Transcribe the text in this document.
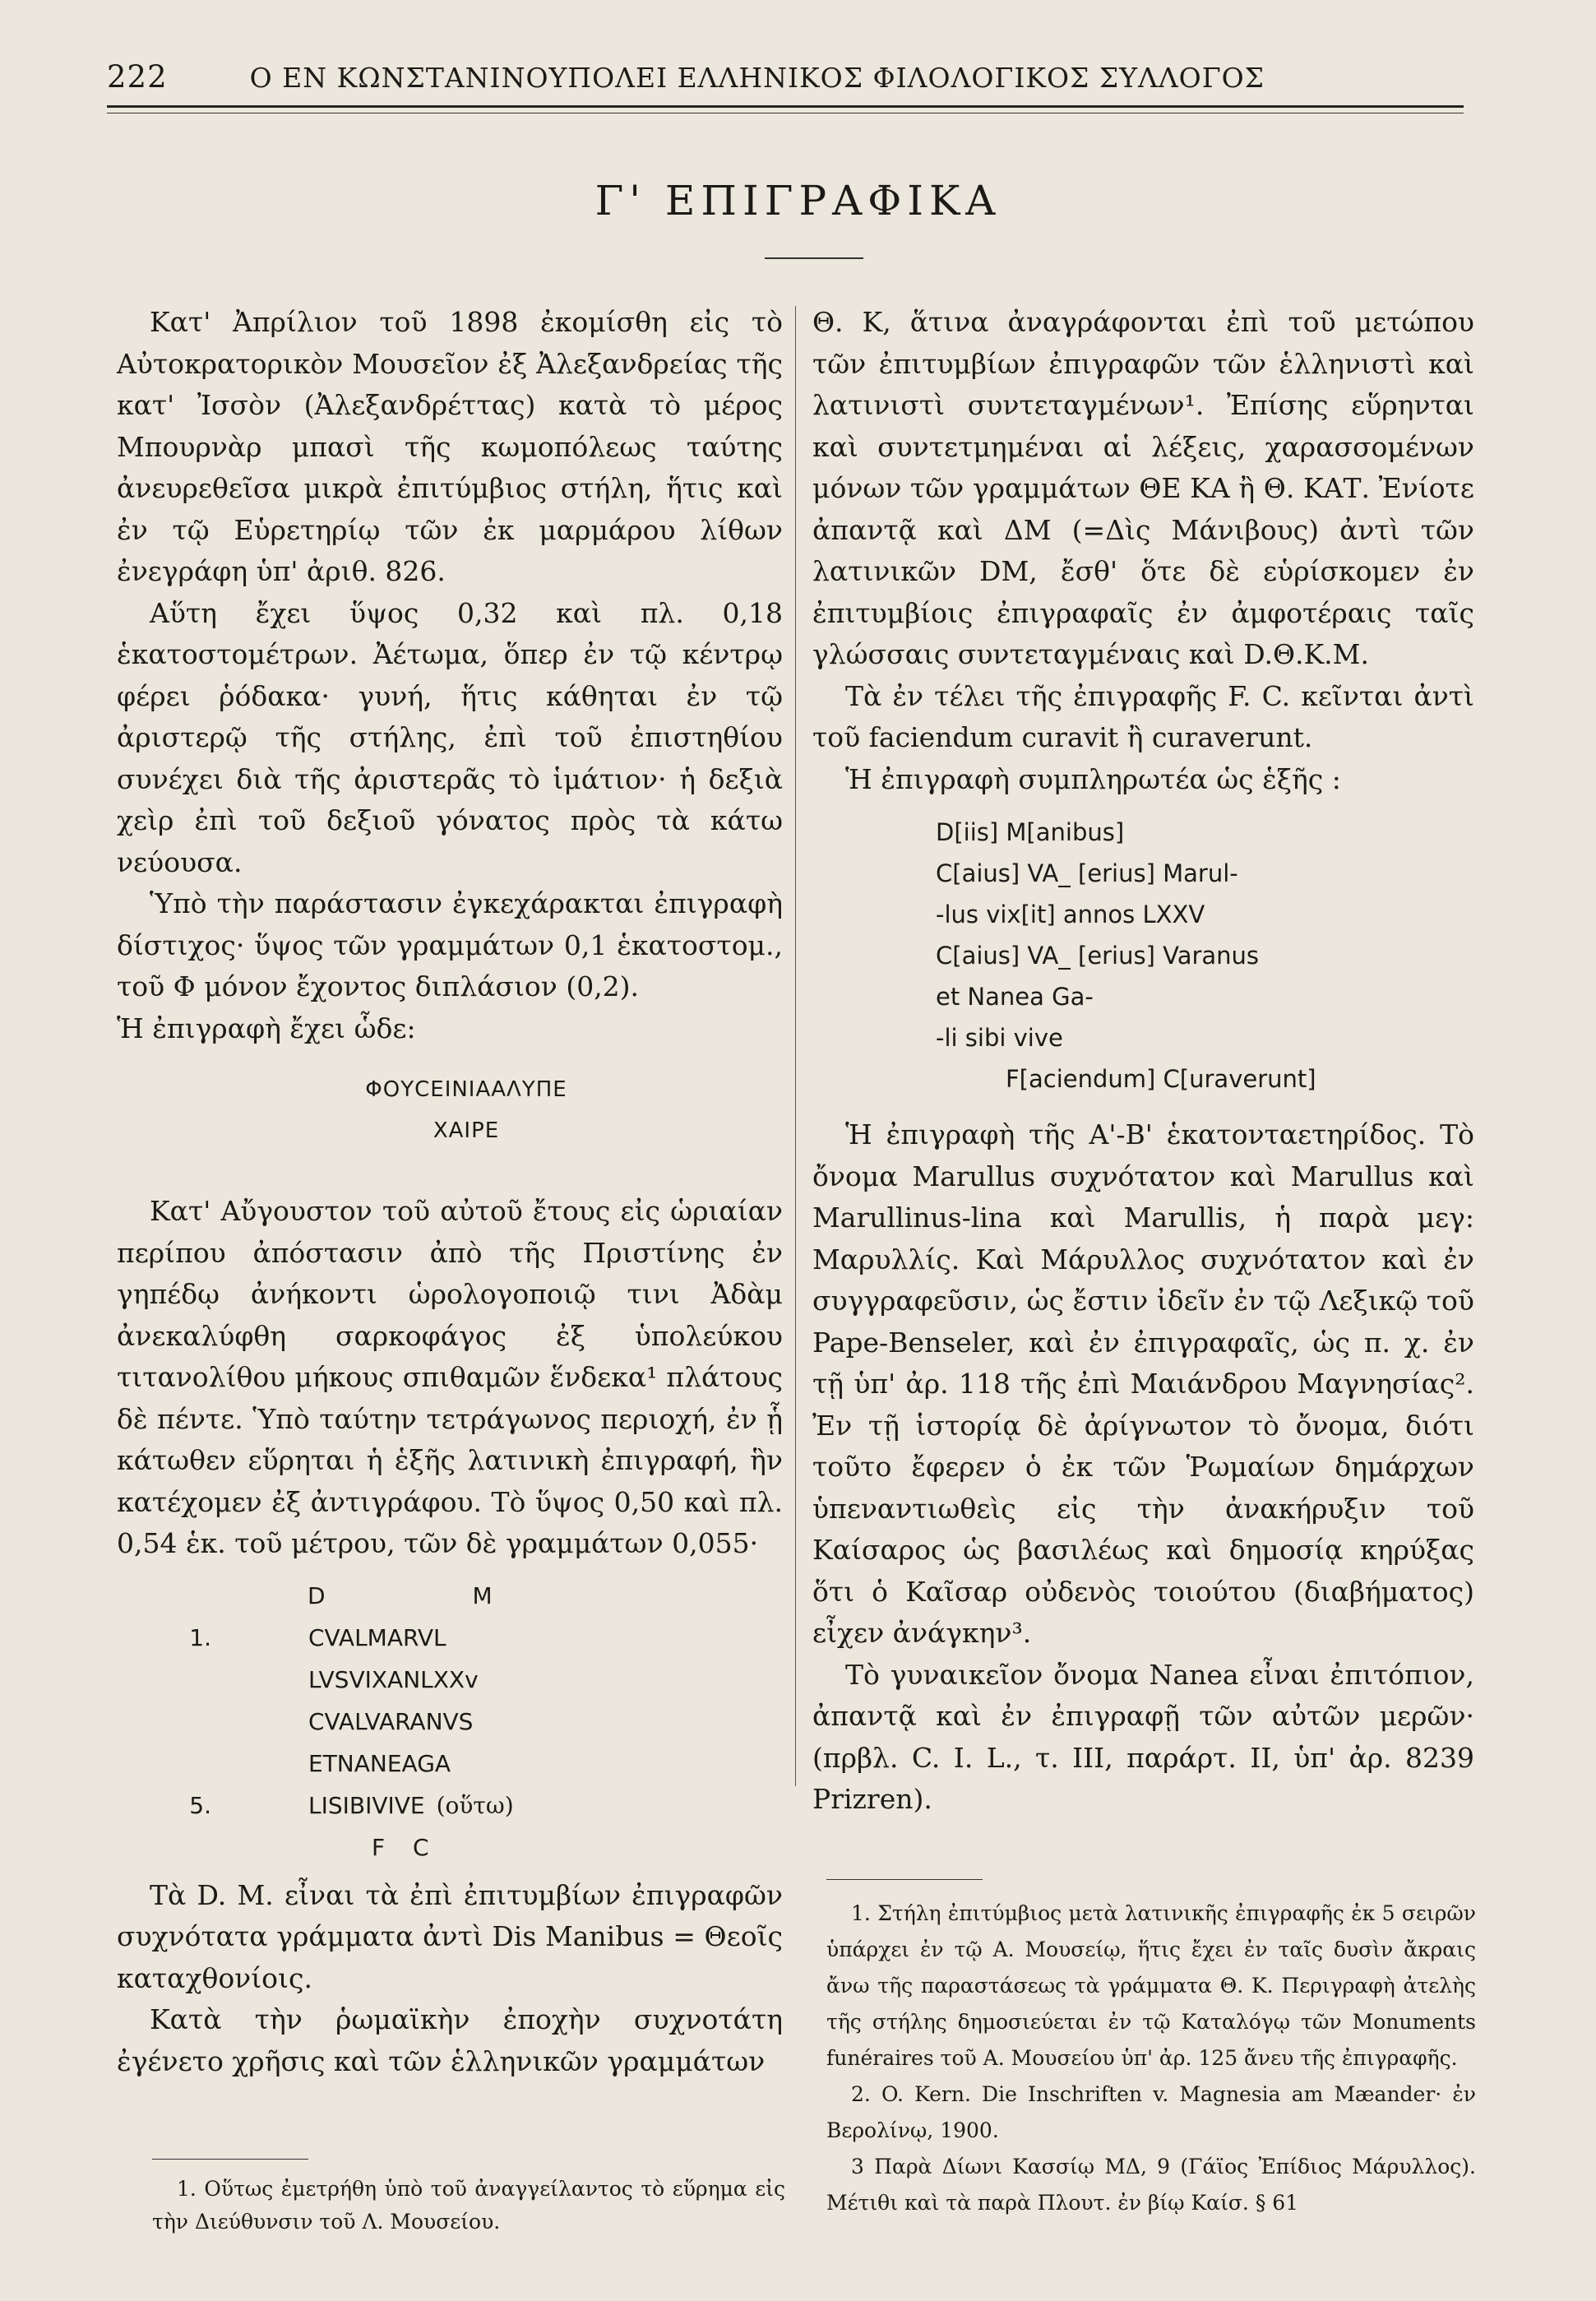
222	Ο ΕΝ ΚΩΝΣΤΑΝΙΝΟΥΠΟΛΕΙ ΕΛΛΗΝΙΚΟΣ ΦΙΛΟΛΟΓΙΚΟΣ ΣΥΛΛΟΓΟΣ
Γ' ΕΠΙΓΡΑΦΙΚΑ

Κατ' Ἀπρίλιον τοῦ 1898 ἐκομίσθη εἰς τὸ Αὐτοκρατορικὸν Μουσεῖον ἐξ Ἀλεξανδρείας τῆς κατ' Ἰσσὸν (Ἀλεξανδρέττας) κατὰ τὸ μέρος Μπουρνὰρ μπασὶ τῆς κωμοπόλεως ταύτης ἀνευρεθεῖσα μικρὰ ἐπιτύμβιος στήλη, ἥτις καὶ ἐν τῷ Εὑρετηρίῳ τῶν ἐκ μαρμάρου λίθων ἐνεγράφη ὑπ' ἀριθ. 826.

Αὕτη ἔχει ὕψος 0,32 καὶ πλ. 0,18 ἑκατοστομέτρων. Ἀέτωμα, ὅπερ ἐν τῷ κέντρῳ φέρει ῥόδακα· γυνή, ἥτις κάθηται ἐν τῷ ἀριστερῷ τῆς στήλης, ἐπὶ τοῦ ἐπιστηθίου συνέχει διὰ τῆς ἀριστερᾶς τὸ ἱμάτιον· ἡ δεξιὰ χεὶρ ἐπὶ τοῦ δεξιοῦ γόνατος πρὸς τὰ κάτω νεύουσα.

Ὑπὸ τὴν παράστασιν ἐγκεχάρακται ἐπιγραφὴ δίστιχος· ὕψος τῶν γραμμάτων 0,1 ἑκατοστομ., τοῦ Φ μόνον ἔχοντος διπλάσιον (0,2).

Ἡ ἐπιγραφὴ ἔχει ὧδε:

ΦΟΥCΕΙΝΙΑΑΛΥΠΕ
ΧΑΙΡΕ

Κατ' Αὔγουστον τοῦ αὐτοῦ ἔτους εἰς ὡριαίαν περίπου ἀπόστασιν ἀπὸ τῆς Πριστίνης ἐν γηπέδῳ ἀνήκοντι ὡρολογοποιῷ τινι Ἀδὰμ ἀνεκαλύφθη σαρκοφάγος ἐξ ὑπολεύκου τιτανολίθου μήκους σπιθαμῶν ἕνδεκα¹ πλάτους δὲ πέντε. Ὑπὸ ταύτην τετράγωνος περιοχή, ἐν ᾗ κάτωθεν εὕρηται ἡ ἑξῆς λατινικὴ ἐπιγραφή, ἣν κατέχομεν ἐξ ἀντιγράφου. Τὸ ὕψος 0,50 καὶ πλ. 0,54 ἑκ. τοῦ μέτρου, τῶν δὲ γραμμάτων 0,055·

D M
1.	CVALMARVL
LVSVIXANLXXv
CVALVARANVS
ETNANEAGA
5.	LISIBIVIVE (οὕτω)
F C

Τὰ D. M. εἶναι τὰ ἐπὶ ἐπιτυμβίων ἐπιγραφῶν συχνότατα γράμματα ἀντὶ Dis Manibus = Θεοῖς καταχθονίοις.

Κατὰ τὴν ῥωμαϊκὴν ἐποχὴν συχνοτάτη ἐγένετο χρῆσις καὶ τῶν ἑλληνικῶν γραμμάτων

Θ. Κ, ἅτινα ἀναγράφονται ἐπὶ τοῦ μετώπου τῶν ἐπιτυμβίων ἐπιγραφῶν τῶν ἑλληνιστὶ καὶ λατινιστὶ συντεταγμένων¹. Ἐπίσης εὕρηνται καὶ συντετμημέναι αἱ λέξεις, χαρασσομένων μόνων τῶν γραμμάτων ΘΕ ΚΑ ἢ Θ. ΚΑΤ. Ἐνίοτε ἀπαντᾷ καὶ ΔΜ (=Δὶς Μάνιβους) ἀντὶ τῶν λατινικῶν DM, ἔσθ' ὅτε δὲ εὑρίσκομεν ἐν ἐπιτυμβίοις ἐπιγραφαῖς ἐν ἀμφοτέραις ταῖς γλώσσαις συντεταγμέναις καὶ D.Θ.Κ.Μ.

Τὰ ἐν τέλει τῆς ἐπιγραφῆς F. C. κεῖνται ἀντὶ τοῦ faciendum curavit ἢ curaverunt.

Ἡ ἐπιγραφὴ συμπληρωτέα ὡς ἑξῆς :

D[iis] M[anibus]
C[aius] VA_ [erius] Marul-
-lus vix[it] annos LXXV
C[aius] VA_ [erius] Varanus
et Nanea Ga-
-li sibi vive
F[aciendum] C[uraverunt]

Ἡ ἐπιγραφὴ τῆς Α'-Β' ἑκατονταετηρίδος. Τὸ ὄνομα Marullus συχνότατον καὶ Marullus καὶ Marullinus-lina καὶ Marullis, ἡ παρὰ μεγ: Μαρυλλίς. Καὶ Μάρυλλος συχνότατον καὶ ἐν συγγραφεῦσιν, ὡς ἔστιν ἰδεῖν ἐν τῷ Λεξικῷ τοῦ Pape-Benseler, καὶ ἐν ἐπιγραφαῖς, ὡς π. χ. ἐν τῇ ὑπ' ἀρ. 118 τῆς ἐπὶ Μαιάνδρου Μαγνησίας². Ἐν τῇ ἱστορίᾳ δὲ ἀρίγνωτον τὸ ὄνομα, διότι τοῦτο ἔφερεν ὁ ἐκ τῶν Ῥωμαίων δημάρχων ὑπεναντιωθεὶς εἰς τὴν ἀνακήρυξιν τοῦ Καίσαρος ὡς βασιλέως καὶ δημοσίᾳ κηρύξας ὅτι ὁ Καῖσαρ οὐδενὸς τοιούτου (διαβήματος) εἶχεν ἀνάγκην³.

Τὸ γυναικεῖον ὄνομα Nanea εἶναι ἐπιτόπιον, ἀπαντᾷ καὶ ἐν ἐπιγραφῇ τῶν αὐτῶν μερῶν· (πρβλ. C. I. L., τ. III, παράρτ. II, ὑπ' ἀρ. 8239 Prizren).

1. Στήλη ἐπιτύμβιος μετὰ λατινικῆς ἐπιγραφῆς ἐκ 5 σειρῶν ὑπάρχει ἐν τῷ Α. Μουσείῳ, ἥτις ἔχει ἐν ταῖς δυσὶν ἄκραις ἄνω τῆς παραστάσεως τὰ γράμματα Θ. Κ. Περιγραφὴ ἀτελὴς τῆς στήλης δημοσιεύεται ἐν τῷ Καταλόγῳ τῶν Monuments funéraires τοῦ Α. Μουσείου ὑπ' ἀρ. 125 ἄνευ τῆς ἐπιγραφῆς.

2. O. Kern. Die Inschriften v. Magnesia am Mæander· ἐν Βερολίνῳ, 1900.

3 Παρὰ Δίωνι Κασσίῳ ΜΔ, 9 (Γάϊος Ἐπίδιος Μάρυλλος). Μέτιθι καὶ τὰ παρὰ Πλουτ. ἐν βίῳ Καίσ. § 61

1. Οὕτως ἐμετρήθη ὑπὸ τοῦ ἀναγγείλαντος τὸ εὕρημα εἰς τὴν Διεύθυνσιν τοῦ Λ. Μουσείου.
